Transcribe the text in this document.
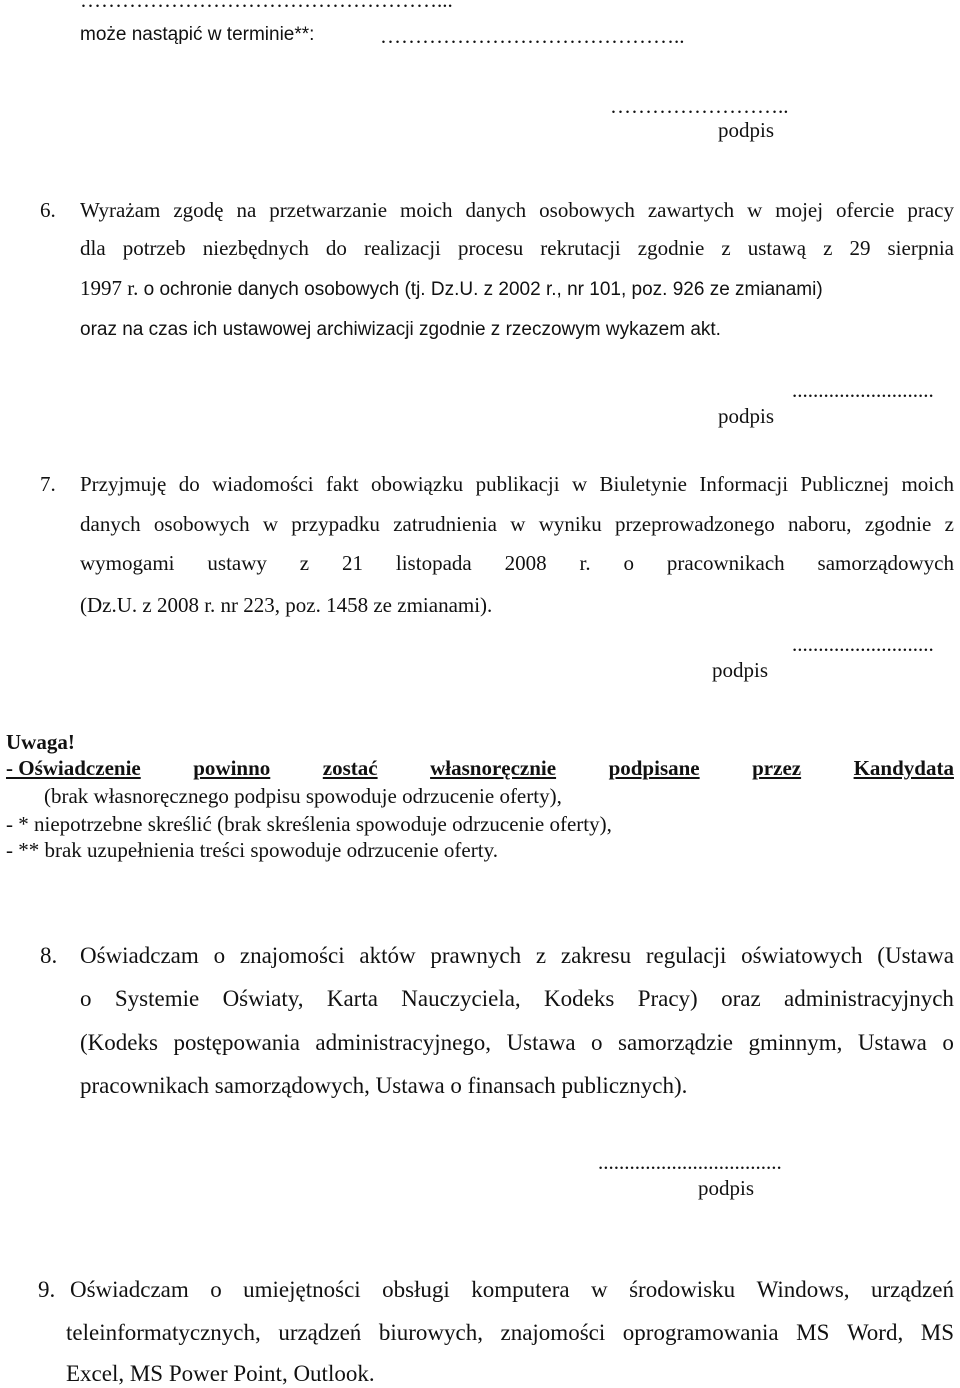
……………………………………………...
może nastąpić w terminie**:	……………………………………..
……………………..
podpis
6. Wyrażam zgodę na przetwarzanie moich danych osobowych zawartych w mojej ofercie pracy
dla potrzeb niezbędnych do realizacji procesu rekrutacji zgodnie z ustawą z 29 sierpnia
1997 r. o ochronie danych osobowych (tj. Dz.U. z 2002 r., nr 101, poz. 926 ze zmianami)
oraz na czas ich ustawowej archiwizacji zgodnie z rzeczowym wykazem akt.
...........................
podpis
7. Przyjmuję do wiadomości fakt obowiązku publikacji w Biuletynie Informacji Publicznej moich
danych osobowych w przypadku zatrudnienia w wyniku przeprowadzonego naboru, zgodnie z
wymogami ustawy z 21 listopada 2008 r. o pracownikach samorządowych
(Dz.U. z 2008 r. nr 223, poz. 1458 ze zmianami).
...........................
podpis
Uwaga!
- Oświadczenie	powinno	zostać	własnoręcznie	podpisane	przez	Kandydata
(brak własnoręcznego podpisu spowoduje odrzucenie oferty),
- * niepotrzebne skreślić (brak skreślenia spowoduje odrzucenie oferty),
- ** brak uzupełnienia treści spowoduje odrzucenie oferty.
8. Oświadczam o znajomości aktów prawnych z zakresu regulacji oświatowych (Ustawa
o Systemie Oświaty, Karta Nauczyciela, Kodeks Pracy) oraz administracyjnych
(Kodeks postępowania administracyjnego, Ustawa o samorządzie gminnym, Ustawa o
pracownikach samorządowych, Ustawa o finansach publicznych).
...................................
podpis
9. Oświadczam o umiejętności obsługi komputera w środowisku Windows, urządzeń
teleinformatycznych, urządzeń biurowych, znajomości oprogramowania MS Word, MS
Excel, MS Power Point, Outlook.
